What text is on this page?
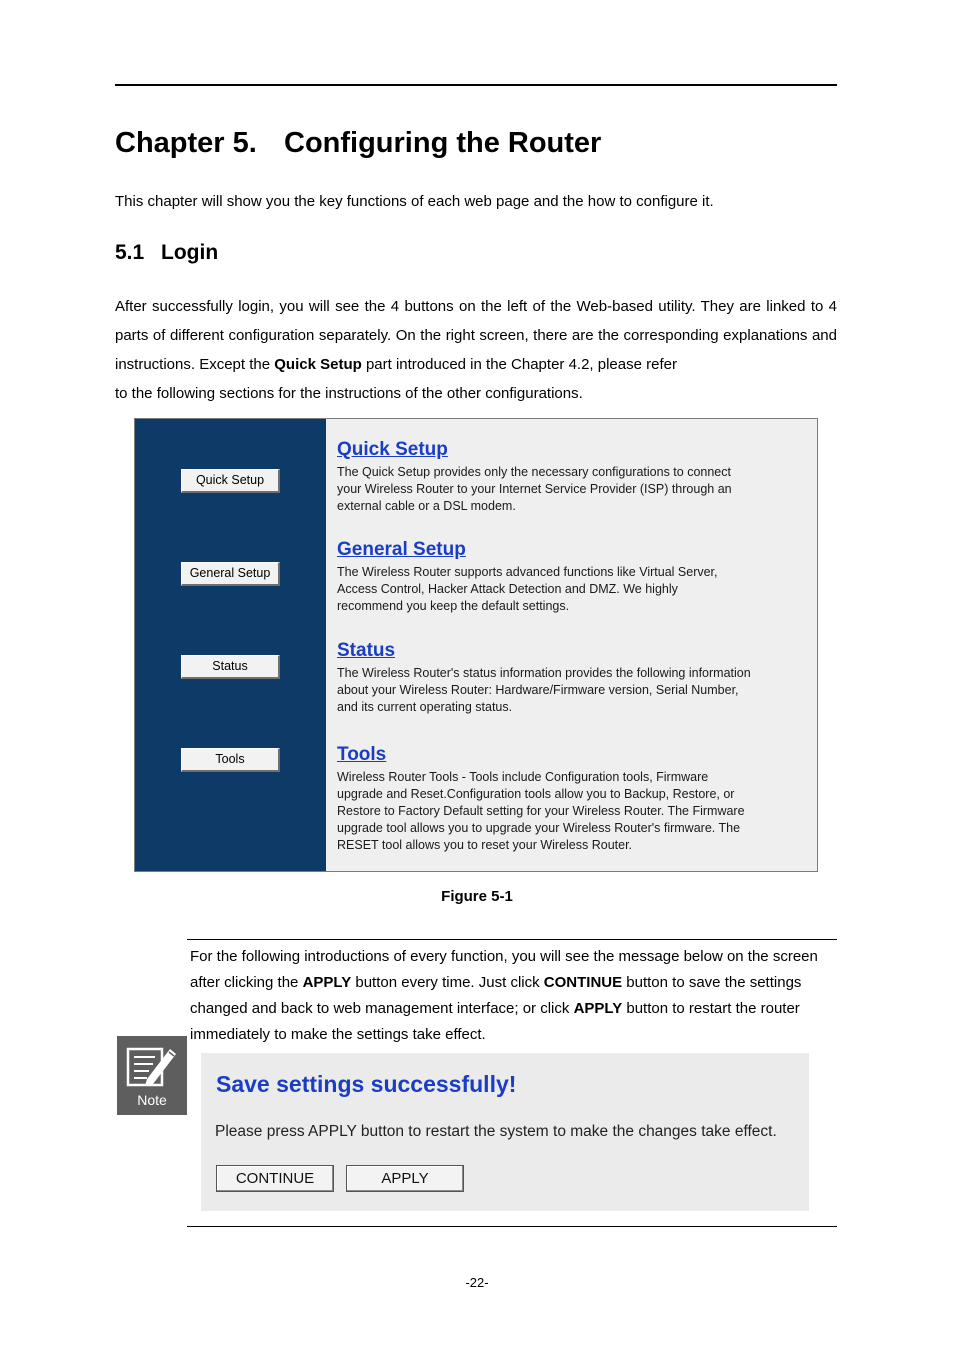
Chapter 5. Configuring the Router

This chapter will show you the key functions of each web page and the how to configure it.

5.1 Login

After successfully login, you will see the 4 buttons on the left of the Web-based utility. They are linked to 4 parts of different configuration separately. On the right screen, there are the corresponding explanations and instructions. Except the Quick Setup part introduced in the Chapter 4.2, please refer
to the following sections for the instructions of the other configurations.

Quick Setup
General Setup
Status
Tools
Quick Setup

The Quick Setup provides only the necessary configurations to connect
your Wireless Router to your Internet Service Provider (ISP) through an
external cable or a DSL modem.

General Setup

The Wireless Router supports advanced functions like Virtual Server,
Access Control, Hacker Attack Detection and DMZ. We highly
recommend you keep the default settings.

Status

The Wireless Router's status information provides the following information
about your Wireless Router: Hardware/Firmware version, Serial Number,
and its current operating status.

Tools

Wireless Router Tools - Tools include Configuration tools, Firmware
upgrade and Reset.Configuration tools allow you to Backup, Restore, or
Restore to Factory Default setting for your Wireless Router. The Firmware
upgrade tool allows you to upgrade your Wireless Router's firmware. The
RESET tool allows you to reset your Wireless Router.

Figure 5-1
Note

For the following introductions of every function, you will see the message below on the screen after clicking the APPLY button every time. Just click CONTINUE button to save the settings changed and back to web management interface; or click APPLY button to restart the router immediately to make the settings take effect.

Save settings successfully!

Please press APPLY button to restart the system to make the changes take effect.

CONTINUE	APPLY
-22-
